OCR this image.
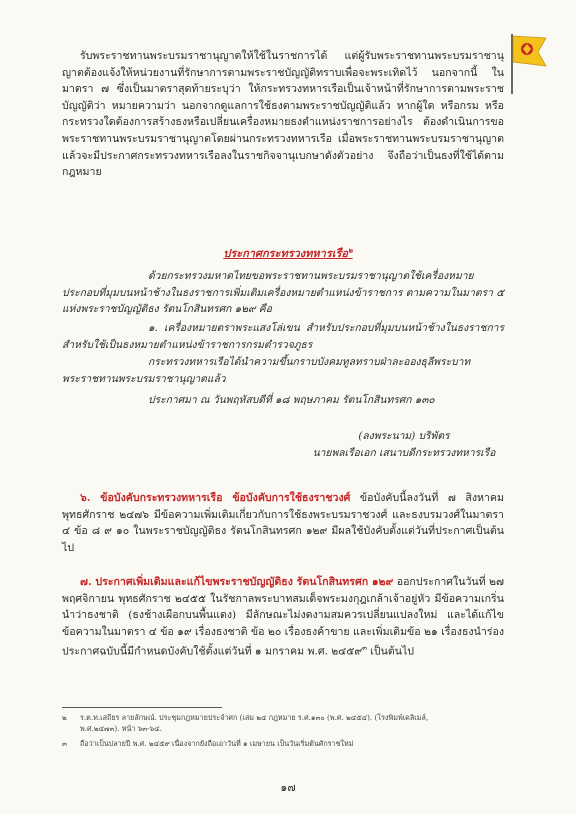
รับพระราชทานพระบรมราชานุญาตให้ใช้ในราชการได้ แต่ผู้รับพระราชทานพระบรมราชานุญาตต้องแจ้งให้หน่วยงานที่รักษาการตามพระราชบัญญัติทราบเพื่อจะพระเทิดไว้ นอกจากนี้ ในมาตรา ๗ ซึ่งเป็นมาตราสุดท้ายระบุว่า ให้กระทรวงทหารเรือเป็นเจ้าหน้าที่รักษาการตามพระราชบัญญัติว่า หมายความว่า นอกจากดูแลการใช้ธงตามพระราชบัญญัติแล้ว หากผู้ใด หรือกรม หรือกระทรวงใดต้องการสร้างธงหรือเปลี่ยนเครื่องหมายธงตำแหน่งราชการอย่างไร ต้องดำเนินการขอพระราชทานพระบรมราชานุญาตโดยผ่านกระทรวงทหารเรือ เมื่อพระราชทานพระบรมราชานุญาตแล้วจะมีประกาศกระทรวงทหารเรือลงในราชกิจจานุเบกษาดังตัวอย่าง จึงถือว่าเป็นธงที่ใช้ได้ตามกฎหมาย

ประกาศกระทรวงทหารเรือ$^๒$

ด้วยกระทรวงมหาดไทยขอพระราชทานพระบรมราชานุญาตใช้เครื่องหมายประกอบที่มุมบนหน้าช้างในธงราชการเพิ่มเติมเครื่องหมายตำแหน่งข้าราชการ ตามความในมาตรา ๕ แห่งพระราชบัญญัติธง รัตนโกสินทรศก ๑๒๙ คือ

๑. เครื่องหมายตราพระแสงโล่เขน สำหรับประกอบที่มุมบนหน้าช้างในธงราชการสำหรับใช้เป็นธงหมายตำแหน่งข้าราชการกรมตำรวจภูธร

กระทรวงทหารเรือได้นำความขึ้นกราบบังคมทูลทราบฝ่าละอองธุลีพระบาท พระราชทานพระบรมราชานุญาตแล้ว

ประกาศมา ณ วันพฤหัสบดีที่ ๑๘ พฤษภาคม รัตนโกสินทรศก ๑๓๐

(ลงพระนาม) บริพัตร
นายพลเรือเอก เสนาบดีกระทรวงทหารเรือ

๖. ข้อบังคับกระทรวงทหารเรือ ข้อบังคับการใช้ธงราชวงศ์ ข้อบังคับนี้ลงวันที่ ๗ สิงหาคม พุทธศักราช ๒๔๗๖ มีข้อความเพิ่มเติมเกี่ยวกับการใช้ธงพระบรมราชวงศ์ และธงบรมวงศ์ในมาตรา ๔ ข้อ ๘ ๙ ๑๐ ในพระราชบัญญัติธง รัตนโกสินทรศก ๑๒๙ มีผลใช้บังคับตั้งแต่วันที่ประกาศเป็นต้นไป

๗. ประกาศเพิ่มเติมและแก้ไขพระราชบัญญัติธง รัตนโกสินทรศก ๑๒๙ ออกประกาศในวันที่ ๒๗ พฤศจิกายน พุทธศักราช ๒๔๕๕ ในรัชกาลพระบาทสมเด็จพระมงกุฎเกล้าเจ้าอยู่หัว มีข้อความเกริ่นนำว่าธงชาติ (ธงช้างเผือกบนพื้นแดง) มีลักษณะไม่งดงามสมควรเปลี่ยนแปลงใหม่ และได้แก้ไขข้อความในมาตรา ๔ ข้อ ๑๙ เรื่องธงชาติ ข้อ ๒๐ เรื่องธงค้าขาย และเพิ่มเติมข้อ ๒๑ เรื่องธงนำร่อง ประกาศฉบับนี้มีกำหนดบังคับใช้ตั้งแต่วันที่ ๑ มกราคม พ.ศ. ๒๔๕๙$^๓$ เป็นต้นไป

๒ ร.ต.ท.เสถียร ลายลักษณ์. ประชุมกฎหมายประจำศก (เล่ม ๒๔ กฎหมาย ร.ศ.๑๓๐ (พ.ศ. ๒๔๕๔). (โรงพิมพ์เดลิเมล์,
พ.ศ.๒๔๗๓). หน้า ๖๓-๖๔.
๓ ถือว่าเป็นปลายปี พ.ศ. ๒๔๕๙ เนื่องจากยังถือเอาวันที่ ๑ เมษายน เป็นวันเริ่มต้นศักราชใหม่
๑๗
